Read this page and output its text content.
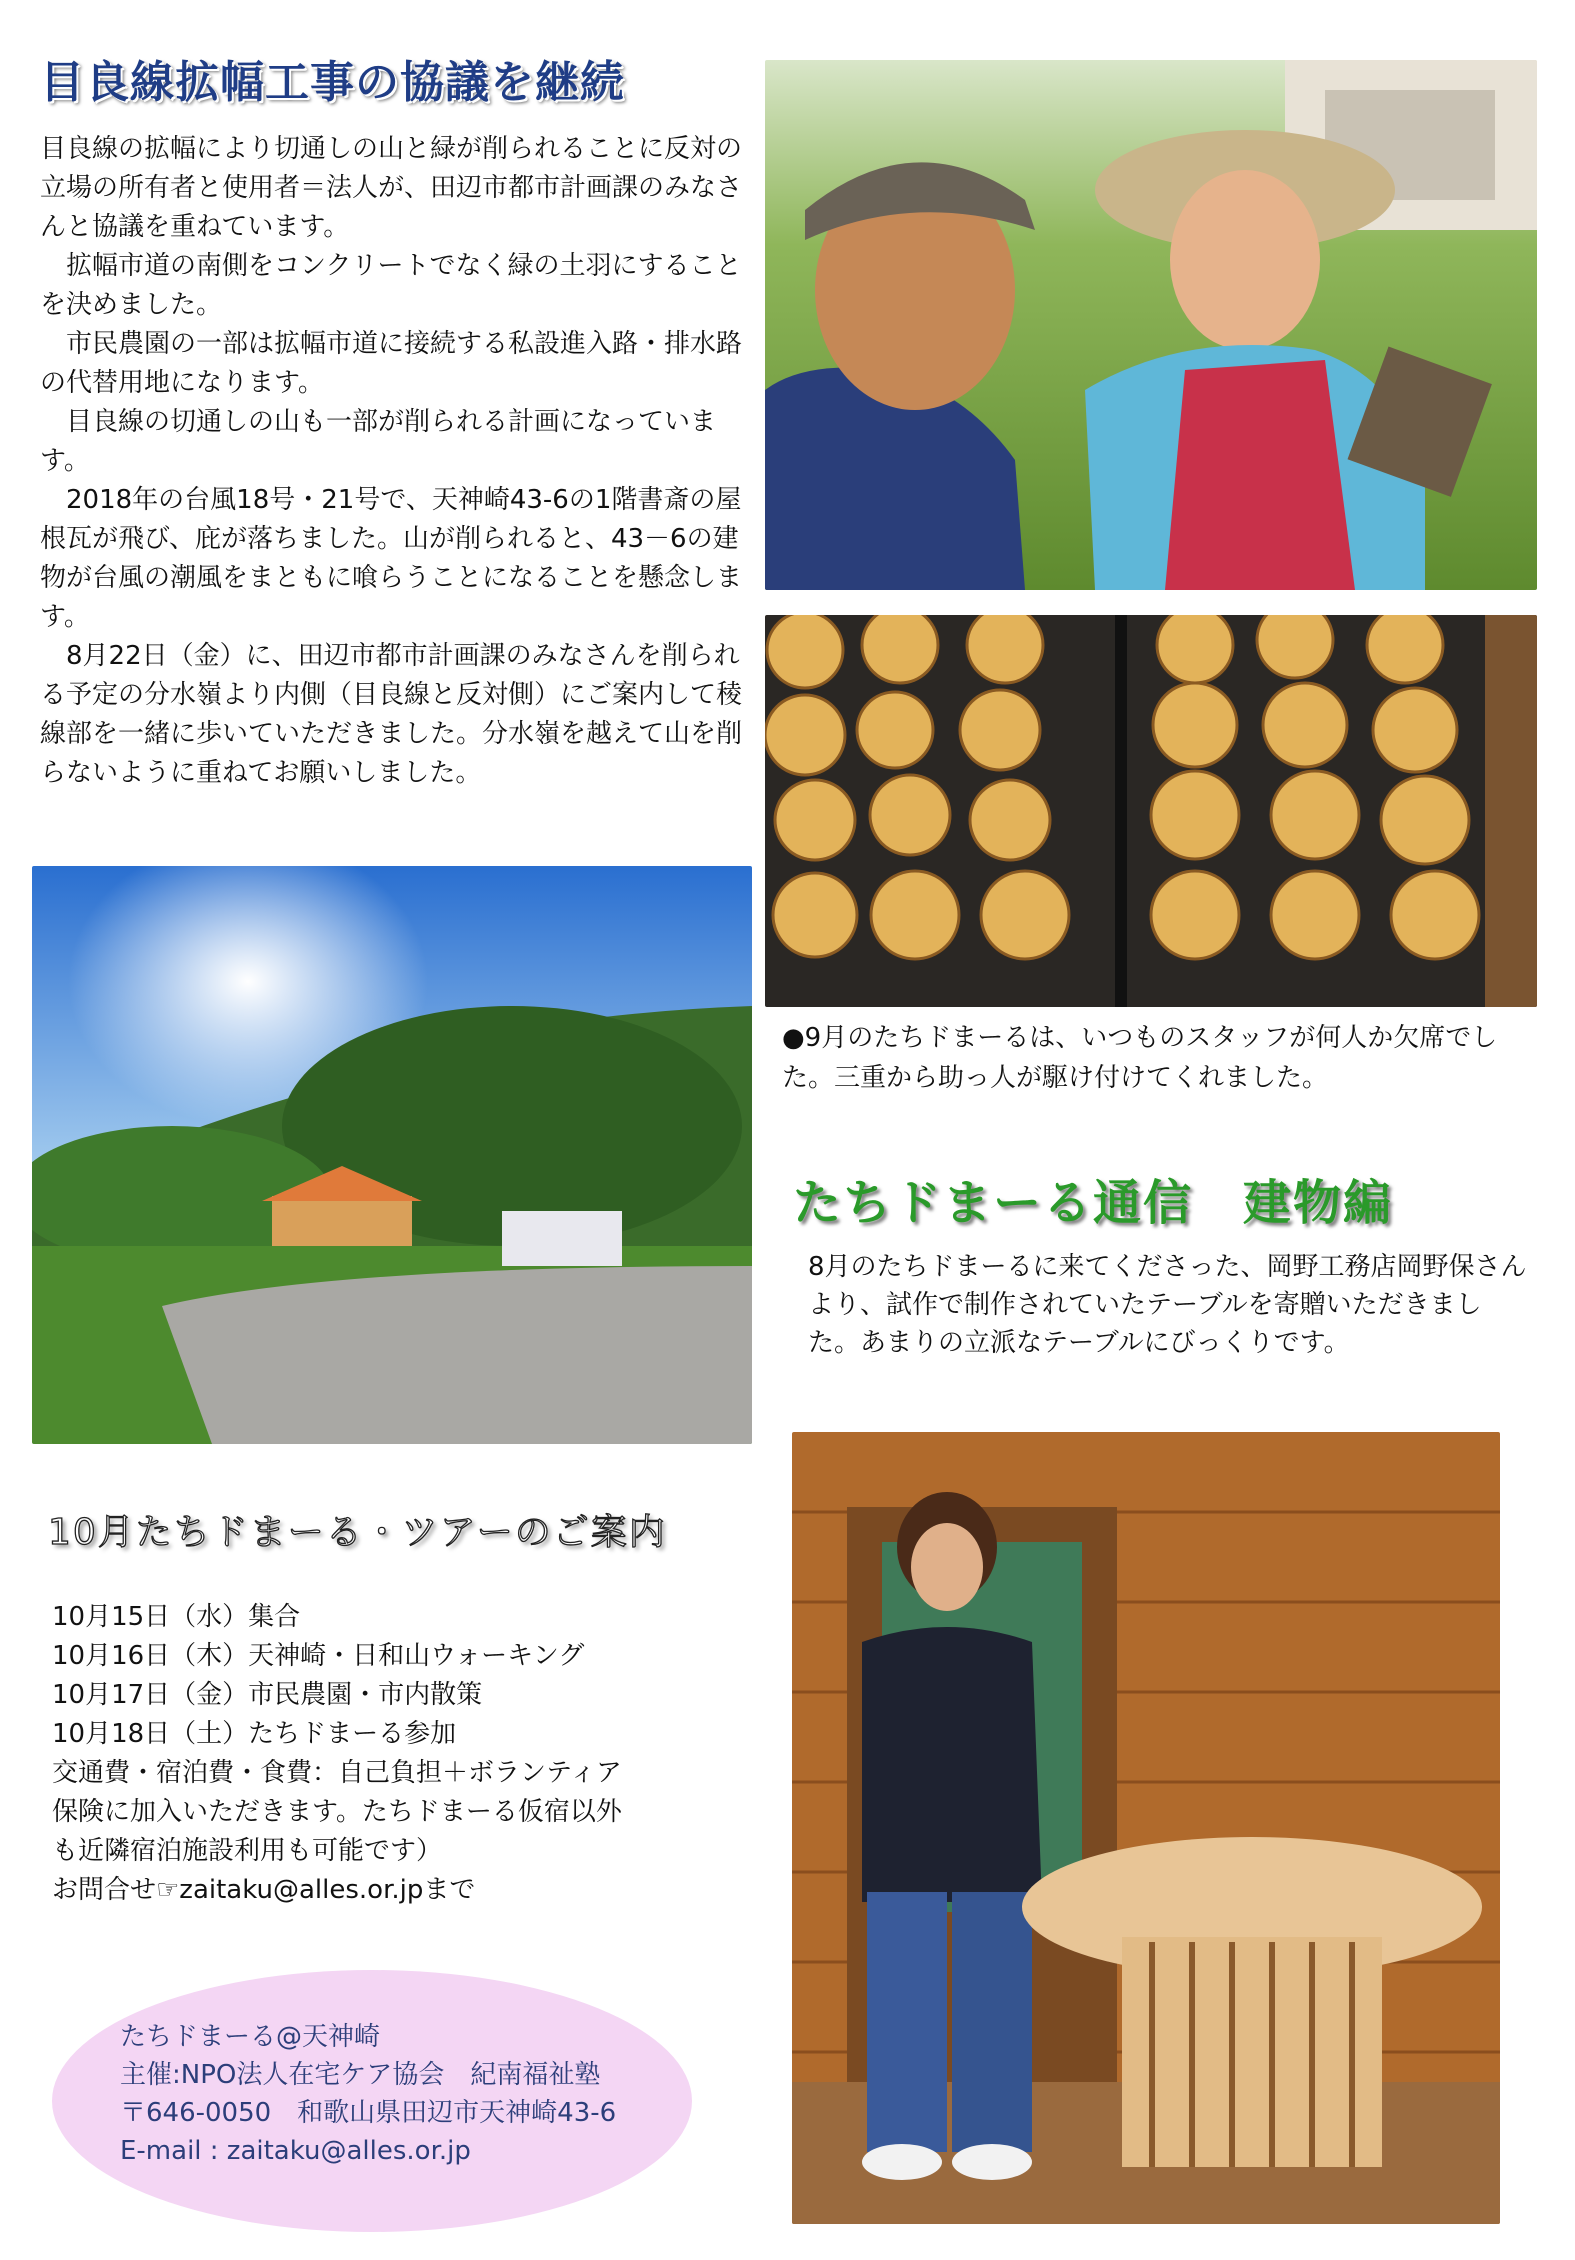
目良線拡幅工事の協議を継続

目良線の拡幅により切通しの山と緑が削られることに反対の立場の所有者と使用者＝法人が、田辺市都市計画課のみなさんと協議を重ねています。

　拡幅市道の南側をコンクリートでなく緑の土羽にすることを決めました。

　市民農園の一部は拡幅市道に接続する私設進入路・排水路の代替用地になります。

　目良線の切通しの山も一部が削られる計画になっています。

　2018年の台風18号・21号で、天神崎43-6の1階書斎の屋根瓦が飛び、庇が落ちました。山が削られると、43－6の建物が台風の潮風をまともに喰らうことになることを懸念します。

　8月22日（金）に、田辺市都市計画課のみなさんを削られる予定の分水嶺より内側（目良線と反対側）にご案内して稜線部を一緒に歩いていただきました。分水嶺を越えて山を削らないように重ねてお願いしました。

●9月のたちドまーるは、いつものスタッフが何人か欠席でした。三重から助っ人が駆け付けてくれました。
たちドまーる通信　建物編
8月のたちドまーるに来てくださった、岡野工務店岡野保さんより、試作で制作されていたテーブルを寄贈いただきました。あまりの立派なテーブルにびっくりです。
10月たちドまーる・ツアーのご案内
10月15日（水）集合
10月16日（木）天神崎・日和山ウォーキング
10月17日（金）市民農園・市内散策
10月18日（土）たちドまーる参加
交通費・宿泊費・食費：自己負担＋ボランティア
保険に加入いただきます。たちドまーる仮宿以外
も近隣宿泊施設利用も可能です）
お問合せ☞zaitaku@alles.or.jpまで
たちドまーる@天神崎
主催:NPO法人在宅ケア協会　紀南福祉塾
〒646-0050　和歌山県田辺市天神崎43-6
E-mail : zaitaku@alles.or.jp
